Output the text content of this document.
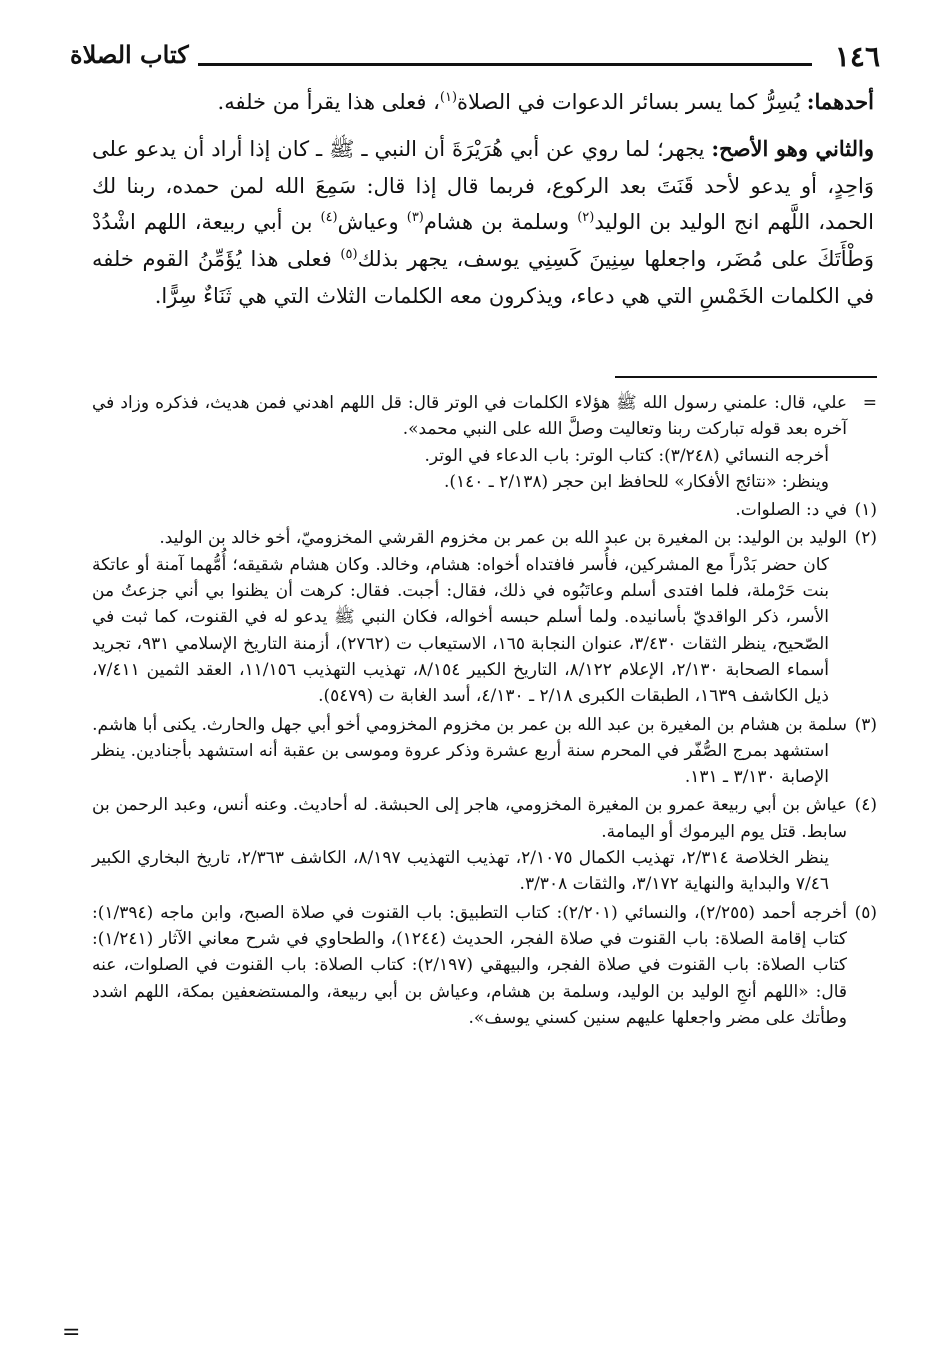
١٤٦
كتاب الصلاة

أحدهما: يُسِرُّ كما يسر بسائر الدعوات في الصلاة$^{(١)}$، فعلى هذا يقرأ من خلفه.

والثاني وهو الأصح: يجهر؛ لما روي عن أبي هُرَيْرَةَ أن النبي ـ ﷺ ـ كان إذا أراد أن يدعو على وَاحِدٍ، أو يدعو لأحد قَنَتَ بعد الركوع، فربما قال إذا قال: سَمِعَ الله لمن حمده، ربنا لك الحمد، اللَّهم انج الوليد بن الوليد$^{(٢)}$ وسلمة بن هشام$^{(٣)}$ وعياش$^{(٤)}$ بن أبي ربيعة، اللهم اشْدُدْ وَطْأَتَكَ على مُضَر، واجعلها سِنِينَ كَسِنِي يوسف، يجهر بذلك$^{(٥)}$ فعلى هذا يُؤَمِّنُ القوم خلفه في الكلمات الخَمْسِ التي هي دعاء، ويذكرون معه الكلمات الثلاث التي هي ثَنَاءٌ سِرًّا.

=
علي، قال: علمني رسول الله ﷺ هؤلاء الكلمات في الوتر قال: قل اللهم اهدني فمن هديث، فذكره وزاد في آخره بعد قوله تباركت ربنا وتعاليت وصلَّ الله على النبي محمد».
أخرجه النسائي (٣/٢٤٨): كتاب الوتر: باب الدعاء في الوتر.
وينظر: «نتائج الأفكار» للحافظ ابن حجر (٢/١٣٨ ـ ١٤٠).
(١)
في د: الصلوات.
(٢)
الوليد بن الوليد: بن المغيرة بن عبد الله بن عمر بن مخزوم القرشي المخزوميّ، أخو خالد بن الوليد.
كان حضر بَدْراً مع المشركين، فأُسر فافتداه أخواه: هشام، وخالد. وكان هشام شقيقه؛ أُمُّهما آمنة أو عاتكة بنت حَرْملة، فلما افتدى أسلم وعاتَبُوه في ذلك، فقال: أجبت. فقال: كرهت أن يظنوا بي أني جزعتُ من الأسر، ذكر الواقديّ بأسانيده. ولما أسلم حبسه أخواله، فكان النبي ﷺ يدعو له في القنوت، كما ثبت في الصّحيح، ينظر الثقات ٣/٤٣٠، عنوان النجابة ١٦٥، الاستيعاب ت (٢٧٦٢)، أزمنة التاريخ الإسلامي ٩٣١، تجريد أسماء الصحابة ٢/١٣٠، الإعلام ٨/١٢٢، التاريخ الكبير ٨/١٥٤، تهذيب التهذيب ١١/١٥٦، العقد الثمين ٧/٤١١، ذيل الكاشف ١٦٣٩، الطبقات الكبرى ٢/١٨ ـ ٤/١٣٠، أسد الغابة ت (٥٤٧٩).
(٣)
سلمة بن هشام بن المغيرة بن عبد الله بن عمر بن مخزوم المخزومي أخو أبي جهل والحارث. يكنى أبا هاشم.
استشهد بمرج الصُّفّر في المحرم سنة أربع عشرة وذكر عروة وموسى بن عقبة أنه استشهد بأجنادين. ينظر الإصابة ٣/١٣٠ ـ ١٣١.
(٤)
عياش بن أبي ربيعة عمرو بن المغيرة المخزومي، هاجر إلى الحبشة. له أحاديث. وعنه أنس، وعبد الرحمن بن سابط. قتل يوم اليرموك أو اليمامة.
ينظر الخلاصة ٢/٣١٤، تهذيب الكمال ٢/١٠٧٥، تهذيب التهذيب ٨/١٩٧، الكاشف ٢/٣٦٣، تاريخ البخاري الكبير ٧/٤٦ والبداية والنهاية ٣/١٧٢، والثقات ٣/٣٠٨.
(٥)
أخرجه أحمد (٢/٢٥٥)، والنسائي (٢/٢٠١): كتاب التطبيق: باب القنوت في صلاة الصبح، وابن ماجه (١/٣٩٤): كتاب إقامة الصلاة: باب القنوت في صلاة الفجر، الحديث (١٢٤٤)، والطحاوي في شرح معاني الآثار (١/٢٤١): كتاب الصلاة: باب القنوت في صلاة الفجر، والبيهقي (٢/١٩٧): كتاب الصلاة: باب القنوت في الصلوات، عنه قال: «اللهم أنجِ الوليد بن الوليد، وسلمة بن هشام، وعياش بن أبي ربيعة، والمستضعفين بمكة، اللهم اشدد وطأتك على مضر واجعلها عليهم سنين كسني يوسف».
=
